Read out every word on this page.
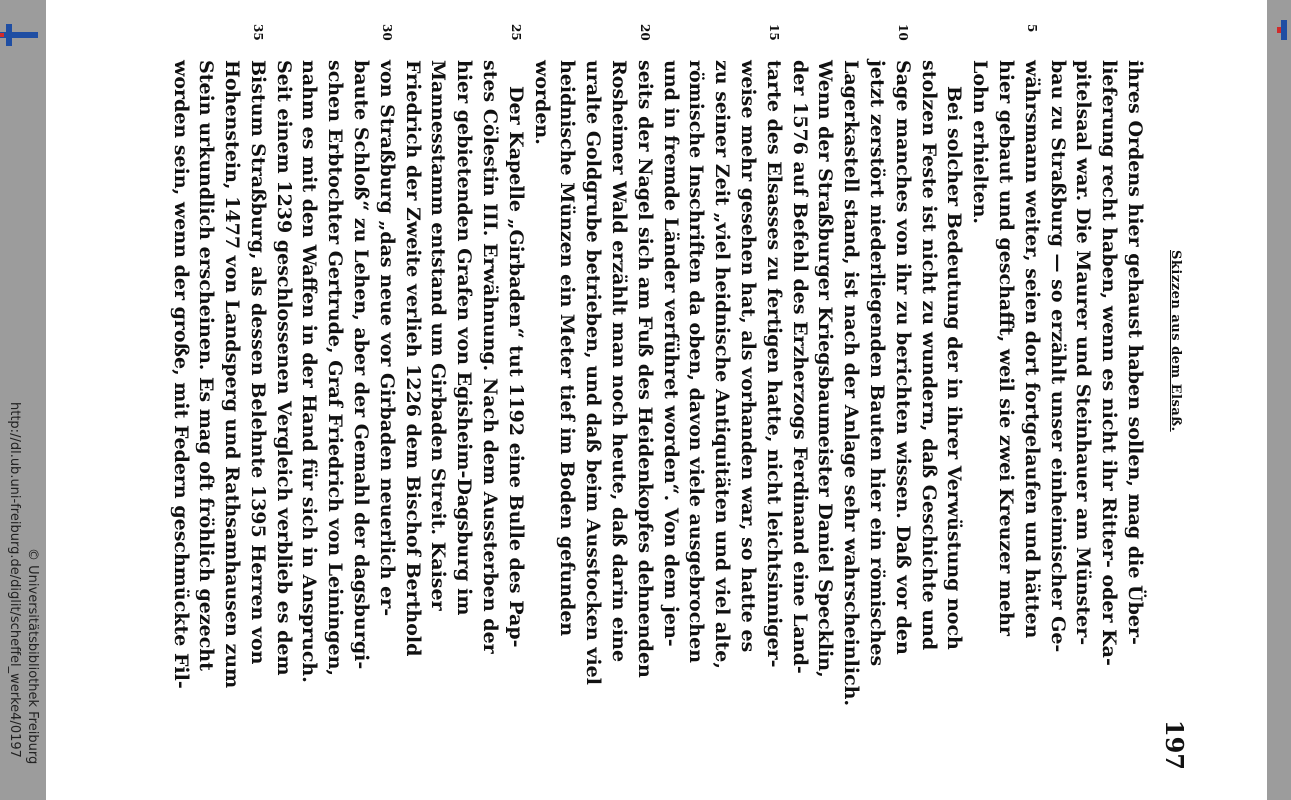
http://dl.ub.uni-freiburg.de/diglit/scheffel_werke4/0197 © Universitätsbibliothek Freiburg
Skizzen aus dem Elsaß.
197
ihres Ordens hier gehaust haben sollen, mag die Über-
lieferung recht haben, wenn es nicht ihr Ritter- oder Ka-
pitelsaal war. Die Maurer und Steinhauer am Münster-
bau zu Straßburg — so erzählt unser einheimischer Ge-
5
währsmann weiter, seien dort fortgelaufen und hätten
hier gebaut und geschafft, weil sie zwei Kreuzer mehr
Lohn erhielten.
Bei solcher Bedeutung der in ihrer Verwüstung noch
stolzen Feste ist nicht zu wundern, daß Geschichte und
10
Sage manches von ihr zu berichten wissen. Daß vor den
jetzt zerstört niederliegenden Bauten hier ein römisches
Lagerkastell stand, ist nach der Anlage sehr wahrscheinlich.
Wenn der Straßburger Kriegsbaumeister Daniel Specklin,
der 1576 auf Befehl des Erzherzogs Ferdinand eine Land-
15
tarte des Elsasses zu fertigen hatte, nicht leichtsinniger-
weise mehr gesehen hat, als vorhanden war, so hatte es
zu seiner Zeit „viel heidnische Antiquitäten und viel alte,
römische Inschriften da oben, davon viele ausgebrochen
und in fremde Länder verführet worden“. Von dem jen-
20
seits der Nagel sich am Fuß des Heidenkopfes dehnenden
Rosheimer Wald erzählt man noch heute, daß darin eine
uralte Goldgrube betrieben, und daß beim Ausstocken viel
heidnische Münzen ein Meter tief im Boden gefunden
worden.
25
Der Kapelle „Girbaden“ tut 1192 eine Bulle des Pap-
stes Cölestin III. Erwähnung. Nach dem Aussterben der
hier gebietenden Grafen von Egisheim-Dagsburg im
Mannesstamm entstand um Girbaden Streit. Kaiser
Friedrich der Zweite verlieh 1226 dem Bischof Berthold
30
von Straßburg „das neue vor Girbaden neuerlich er-
baute Schloß“ zu Lehen, aber der Gemahl der dagsburgi-
schen Erbtochter Gertrude, Graf Friedrich von Leiningen,
nahm es mit den Waffen in der Hand für sich in Anspruch.
Seit einem 1239 geschlossenen Vergleich verblieb es dem
35
Bistum Straßburg, als dessen Belehnte 1395 Herren von
Hohenstein, 1477 von Landsperg und Rathsamhausen zum
Stein urkundlich erscheinen. Es mag oft fröhlich gezecht
worden sein, wenn der große, mit Federn geschmückte Fil-
